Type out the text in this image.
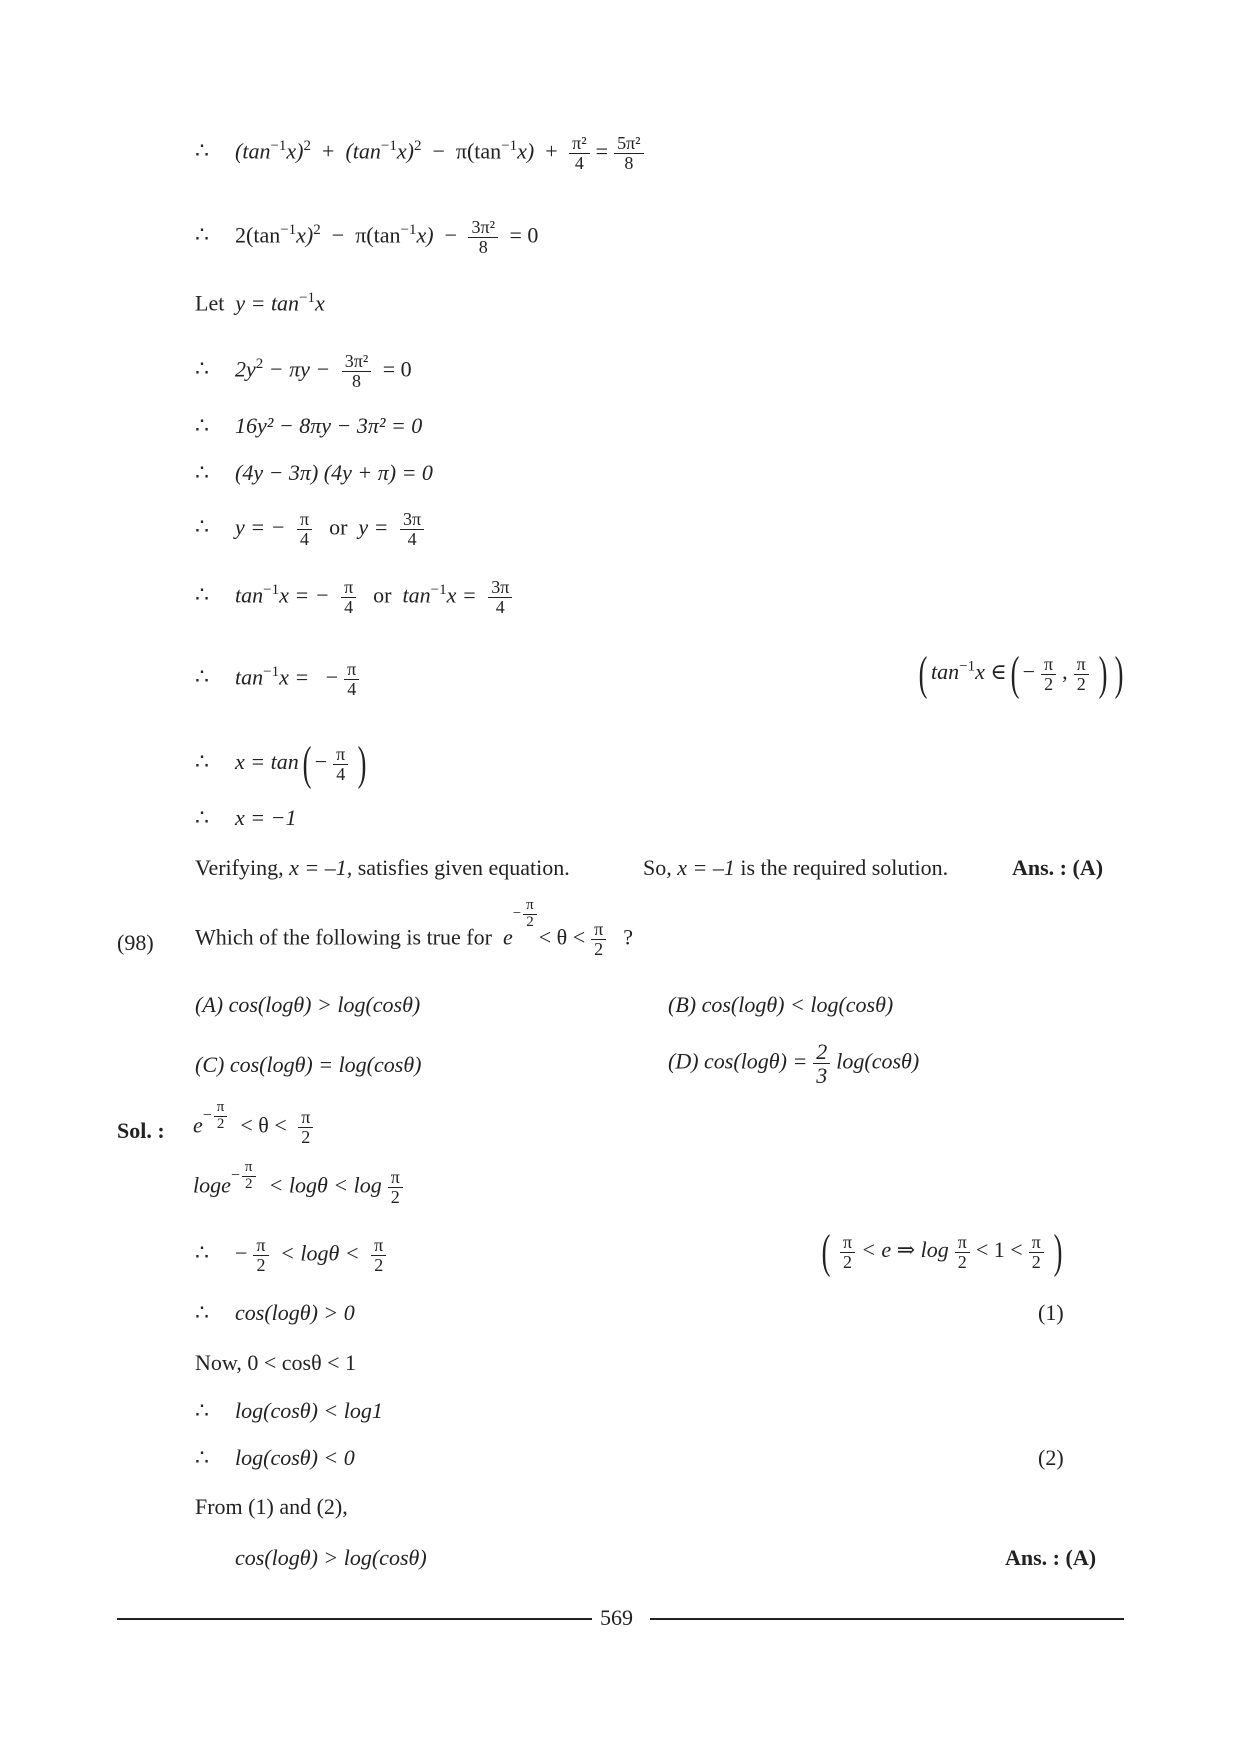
∴ $(\tan^{-1}x)^2 + (\tan^{-1}x)^2 - \pi(\tan^{-1}x) + \frac{\text{π²}}{4} = \frac{\text{5π²}}{8}$
∴ $2(\tan^{-1}x)^2 - \pi(\tan^{-1}x) - \frac{\text{3π²}}{8} = 0$
Let $y = \tan^{-1}x$
∴ $2y^2 - \pi y - \frac{\text{3π²}}{8} = 0$
∴ 16y² − 8πy − 3π² = 0
∴ (4y − 3π) (4y + π) = 0
∴ y = − $\frac{\pi}{4}$ or $y = \frac{3\pi}{4}$
∴ $\tan^{-1}x$ = − $\frac{\pi}{4}$ or $\tan^{-1}x = \frac{3\pi}{4}$
∴ $\tan^{-1}x$ = − $\frac{\pi}{4}$	( $\tan^{-1}x$ ∈( − $\frac{\pi}{2}$ , $\frac{\pi}{2}$ ) )
∴ $x = \tan( - \frac{\pi}{4}$ )
∴ x = −1
Verifying, x = –1, satisfies given equation.	So, x = –1 is the required solution.	Ans. : (A)
(98) Which of the following is true for $e- \frac{\pi}{2}$
< $\theta < \frac{\pi}{2}$ ?
(A) cos(logθ) > log(cosθ)	(B) cos(logθ) < log(cosθ)
(C) cos(logθ) = log(cosθ)	(D) $\cos(\log\theta) = \frac{2}{3} \log(\cos\theta)$
Sol. : $e- \frac{\pi}{2} < \theta < \frac{\pi}{2}$
$\log e- \frac{\pi}{2} < \log\theta < \log \frac{\pi}{2}$
∴ − $\frac{\pi}{2} < \log\theta < \frac{\pi}{2}$	( $\frac{\pi}{2} < e$ ⇒ $\log \frac{\pi}{2} < 1 < \frac{\pi}{2}$ )
∴ cos(logθ) > 0	(1)
Now, 0 < cosθ < 1
∴ log(cosθ) < log1
∴ log(cosθ) < 0	(2)
From (1) and (2),
cos(logθ) > log(cosθ)	Ans. : (A)
569
